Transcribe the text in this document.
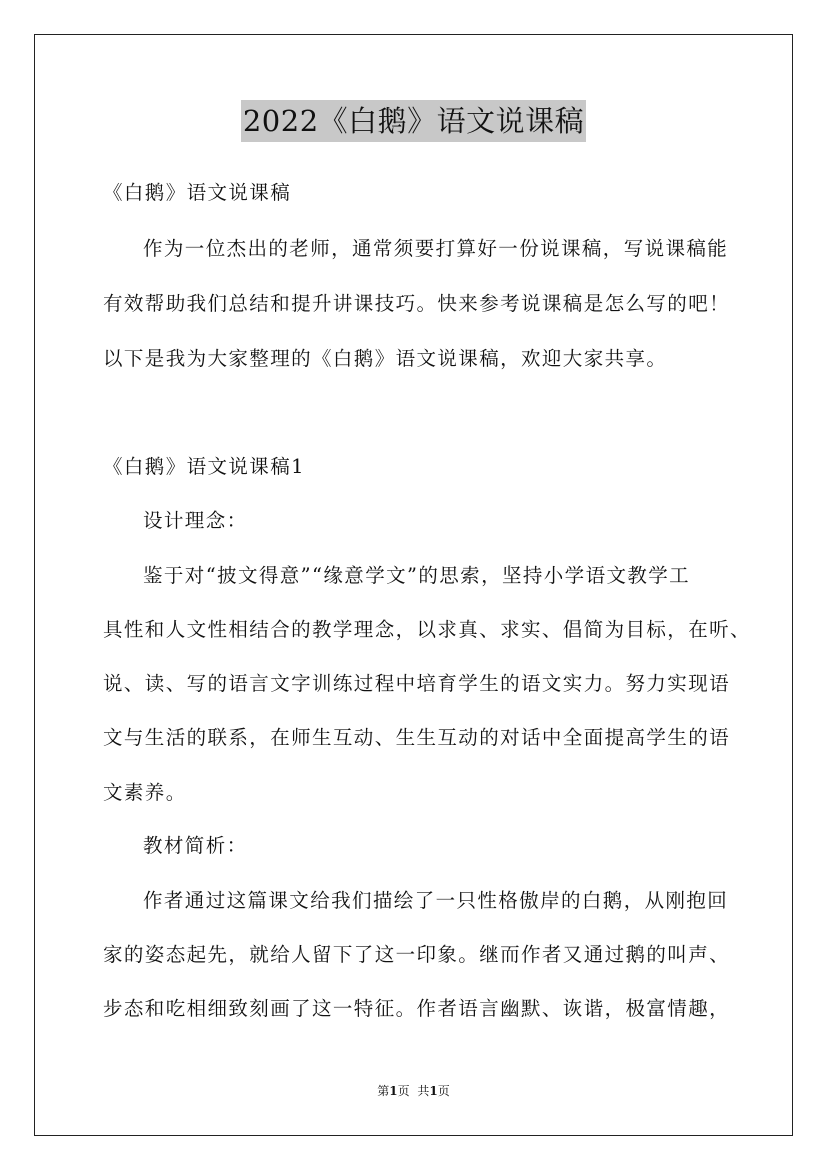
2022《白鹅》语文说课稿
《白鹅》语文说课稿
作为一位杰出的老师，通常须要打算好一份说课稿，写说课稿能
有效帮助我们总结和提升讲课技巧。快来参考说课稿是怎么写的吧！
以下是我为大家整理的《白鹅》语文说课稿，欢迎大家共享。
《白鹅》语文说课稿1
设计理念：
鉴于对“披文得意”“缘意学文”的思索，坚持小学语文教学工
具性和人文性相结合的教学理念，以求真、求实、倡简为目标，在听、
说、读、写的语言文字训练过程中培育学生的语文实力。努力实现语
文与生活的联系，在师生互动、生生互动的对话中全面提高学生的语
文素养。
教材简析：
作者通过这篇课文给我们描绘了一只性格傲岸的白鹅，从刚抱回
家的姿态起先，就给人留下了这一印象。继而作者又通过鹅的叫声、
步态和吃相细致刻画了这一特征。作者语言幽默、诙谐，极富情趣，
第1页 共1页
